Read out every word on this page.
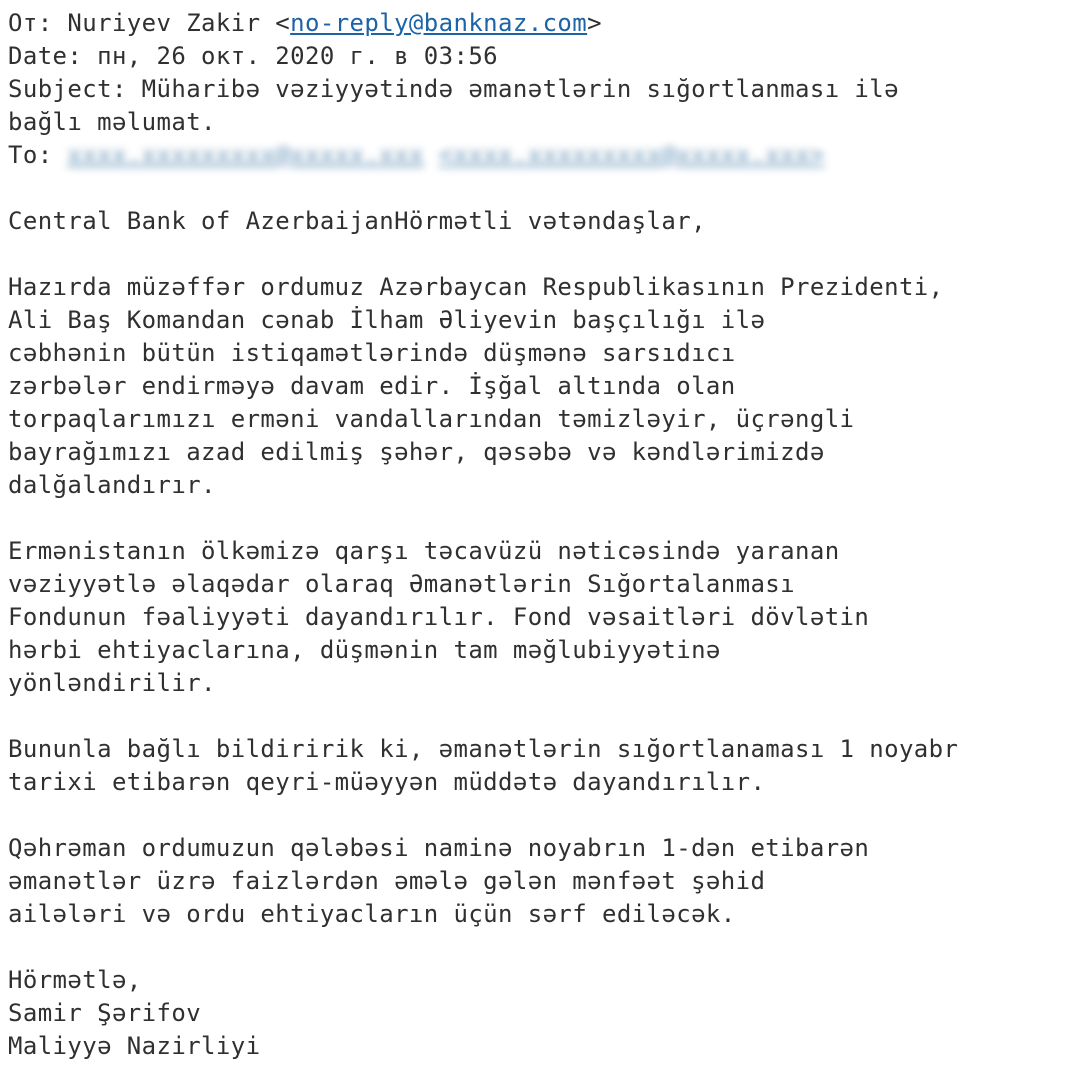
От: Nuriyev Zakir <no-reply@banknaz.com>
Date: пн, 26 окт. 2020 г. в 03:56
Subject: Müharibə vəziyyətində əmanətlərin sığortlanması ilə
bağlı məlumat.
To: xxxx.xxxxxxxxx@xxxxx.xxx <xxxx.xxxxxxxxx@xxxxx.xxx>
Central Bank of AzerbaijanHörmətli vətəndaşlar,
Hazırda müzəffər ordumuz Azərbaycan Respublikasının Prezidenti,
Ali Baş Komandan cənab İlham Əliyevin başçılığı ilə
cəbhənin bütün istiqamətlərində düşmənə sarsıdıcı
zərbələr endirməyə davam edir. İşğal altında olan
torpaqlarımızı erməni vandallarından təmizləyir, üçrəngli
bayrağımızı azad edilmiş şəhər, qəsəbə və kəndlərimizdə
dalğalandırır.
Ermənistanın ölkəmizə qarşı təcavüzü nəticəsində yaranan
vəziyyətlə əlaqədar olaraq Əmanətlərin Sığortalanması
Fondunun fəaliyyəti dayandırılır. Fond vəsaitləri dövlətin
hərbi ehtiyaclarına, düşmənin tam məğlubiyyətinə
yönləndirilir.
Bununla bağlı bildiririk ki, əmanətlərin sığortlanaması 1 noyabr
tarixi etibarən qeyri-müəyyən müddətə dayandırılır.
Qəhrəman ordumuzun qələbəsi naminə noyabrın 1-dən etibarən
əmanətlər üzrə faizlərdən əmələ gələn mənfəət şəhid
ailələri və ordu ehtiyacların üçün sərf ediləcək.
Hörmətlə,
Samir Şərifov
Maliyyə Nazirliyi
